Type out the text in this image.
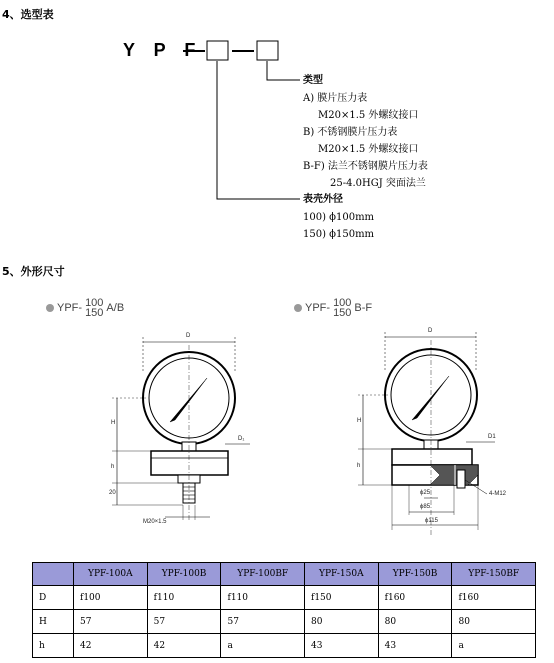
4、选型表
Y P F
类型
A) 膜片压力表
M20×1.5 外螺纹接口
B) 不锈钢膜片压力表
M20×1.5 外螺纹接口
B-F) 法兰不锈钢膜片压力表
25-4.0HGJ 突面法兰
表壳外径
100) ϕ100mm
150) ϕ150mm
5、外形尺寸
YPF- 100
150 A/B	YPF- 100
150 B-F
D
H
h
20
D₁
M20×1.5
D
H
h
D1
ϕ25
ϕ85
ϕ115
4-M12
	YPF-100A	YPF-100B	YPF-100BF	YPF-150A	YPF-150B	YPF-150BF
D	f100	f110	f110	f150	f160	f160
H	57	57	57	80	80	80
h	42	42	a	43	43	a
